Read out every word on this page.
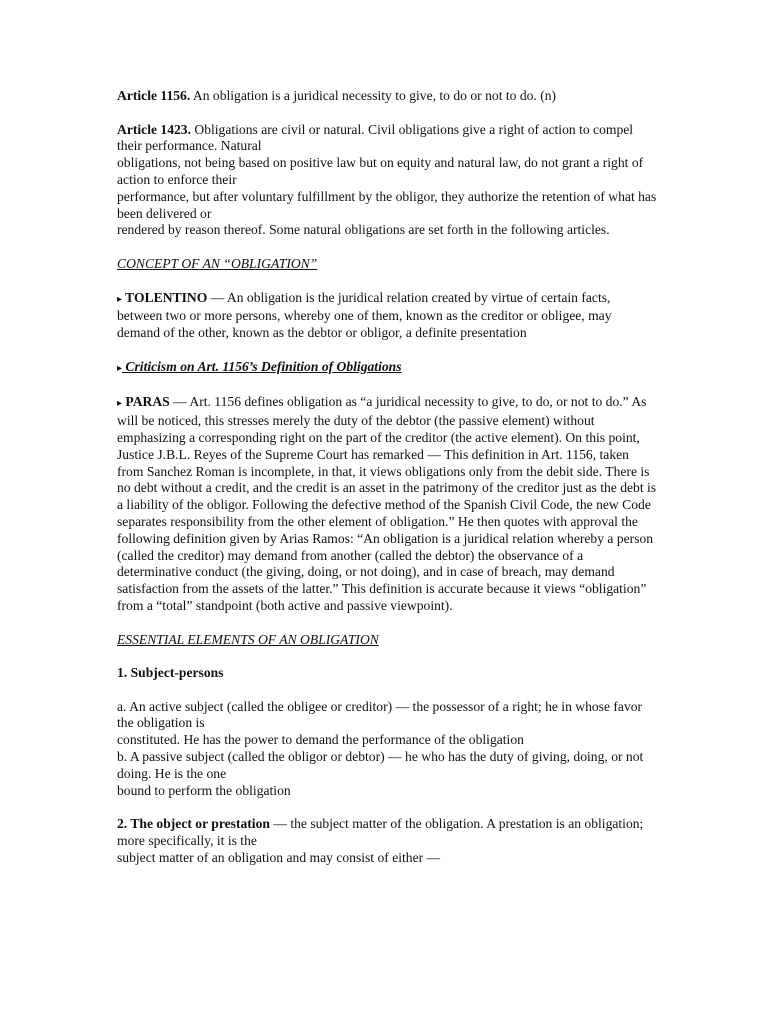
Article 1156. An obligation is a juridical necessity to give, to do or not to do. (n)

Article 1423. Obligations are civil or natural. Civil obligations give a right of action to compel their performance. Natural

obligations, not being based on positive law but on equity and natural law, do not grant a right of action to enforce their

performance, but after voluntary fulfillment by the obligor, they authorize the retention of what has been delivered or

rendered by reason thereof. Some natural obligations are set forth in the following articles.

CONCEPT OF AN “OBLIGATION”

▸ TOLENTINO — An obligation is the juridical relation created by virtue of certain facts, between two or more persons, whereby one of them, known as the creditor or obligee, may demand of the other, known as the debtor or obligor, a definite presentation

▸ Criticism on Art. 1156’s Definition of Obligations

▸ PARAS — Art. 1156 defines obligation as “a juridical necessity to give, to do, or not to do.” As will be noticed, this stresses merely the duty of the debtor (the passive element) without emphasizing a corresponding right on the part of the creditor (the active element). On this point, Justice J.B.L. Reyes of the Supreme Court has remarked — This definition in Art. 1156, taken from Sanchez Roman is incomplete, in that, it views obligations only from the debit side. There is no debt without a credit, and the credit is an asset in the patrimony of the creditor just as the debt is a liability of the obligor. Following the defective method of the Spanish Civil Code, the new Code separates responsibility from the other element of obligation.” He then quotes with approval the following definition given by Arias Ramos: “An obligation is a juridical relation whereby a person (called the creditor) may demand from another (called the debtor) the observance of a determinative conduct (the giving, doing, or not doing), and in case of breach, may demand satisfaction from the assets of the latter.” This definition is accurate because it views “obligation” from a “total” standpoint (both active and passive viewpoint).

ESSENTIAL ELEMENTS OF AN OBLIGATION

1. Subject-persons

a. An active subject (called the obligee or creditor) — the possessor of a right; he in whose favor the obligation is

constituted. He has the power to demand the performance of the obligation

b. A passive subject (called the obligor or debtor) — he who has the duty of giving, doing, or not doing. He is the one

bound to perform the obligation

2. The object or prestation — the subject matter of the obligation. A prestation is an obligation; more specifically, it is the

subject matter of an obligation and may consist of either —
